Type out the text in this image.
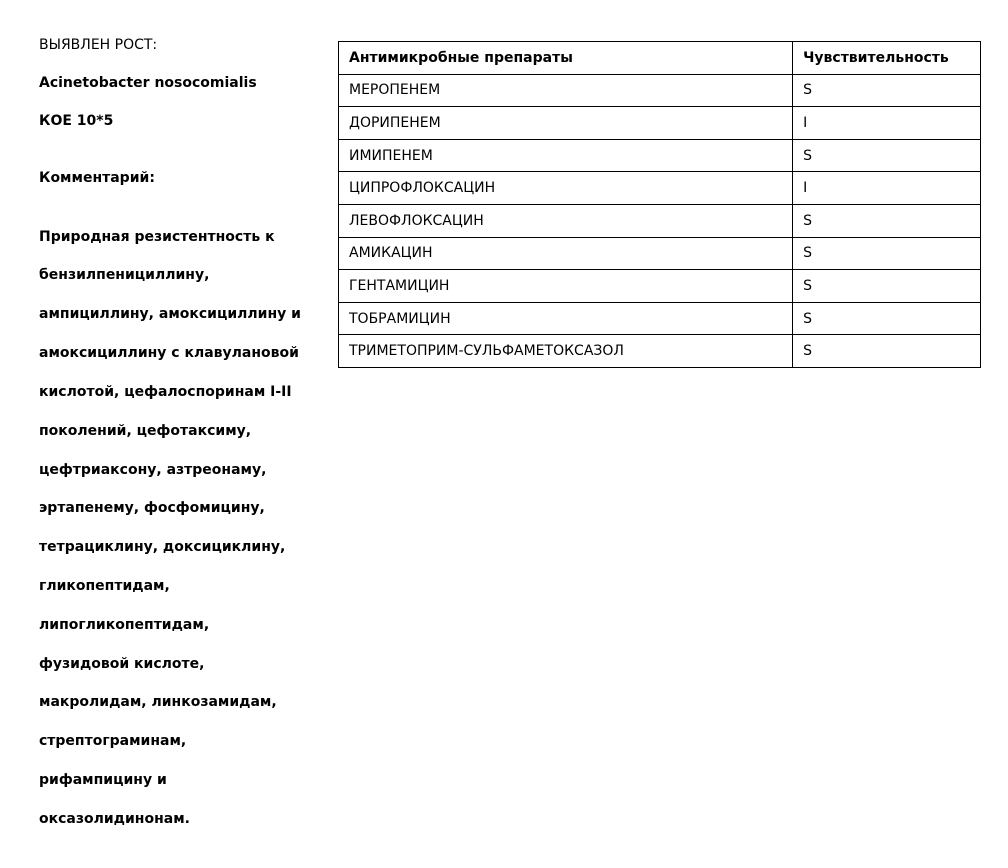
ВЫЯВЛЕН РОСТ:
Acinetobacter nosocomialis
КОЕ 10*5

Комментарий:

Природная резистентность к

бензилпенициллину,

ампициллину, амоксициллину и

амоксициллину с клавулановой

кислотой, цефалоспоринам I-II

поколений, цефотаксиму,

цефтриаксону, азтреонаму,

эртапенему, фосфомицину,

тетрациклину, доксициклину,

гликопептидам,

липогликопептидам,

фузидовой кислоте,

макролидам, линкозамидам,

стрептограминам,

рифампицину и

оксазолидинонам.

Антимикробные препараты	Чувствительность
МЕРОПЕНЕМ	S
ДОРИПЕНЕМ	I
ИМИПЕНЕМ	S
ЦИПРОФЛОКСАЦИН	I
ЛЕВОФЛОКСАЦИН	S
АМИКАЦИН	S
ГЕНТАМИЦИН	S
ТОБРАМИЦИН	S
ТРИМЕТОПРИМ-СУЛЬФАМЕТОКСАЗОЛ	S
